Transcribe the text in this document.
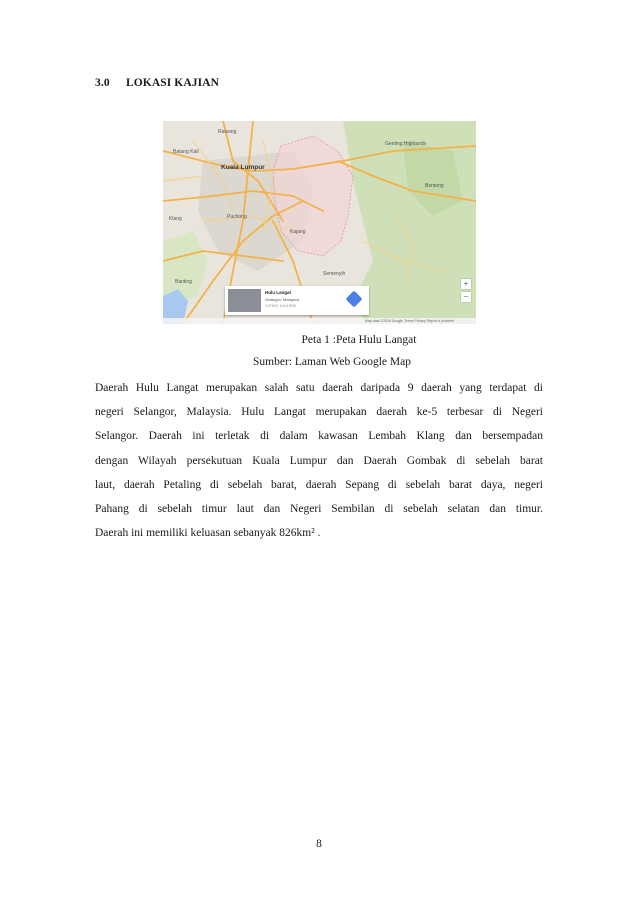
3.0 LOKASI KAJIAN
Kuala Lumpur
Puchong
Kajang
Banting
Rawang
Semenyih
Bentong
Klang
Genting Highlands
Batang Kali
Hulu Langat
Selangor, Malaysia
3.07693, 101.67630
+
−
Map data ©2016 Google Terms Privacy Report a problem
Peta 1 :Peta Hulu Langat
Sumber: Laman Web Google Map
Daerah Hulu Langat merupakan salah satu daerah daripada 9 daerah yang terdapat di
negeri Selangor, Malaysia. Hulu Langat merupakan daerah ke-5 terbesar di Negeri
Selangor. Daerah ini terletak di dalam kawasan Lembah Klang dan bersempadan
dengan Wilayah persekutuan Kuala Lumpur dan Daerah Gombak di sebelah barat
laut, daerah Petaling di sebelah barat, daerah Sepang di sebelah barat daya, negeri
Pahang di sebelah timur laut dan Negeri Sembilan di sebelah selatan dan timur.
Daerah ini memiliki keluasan sebanyak 826km² .
8
